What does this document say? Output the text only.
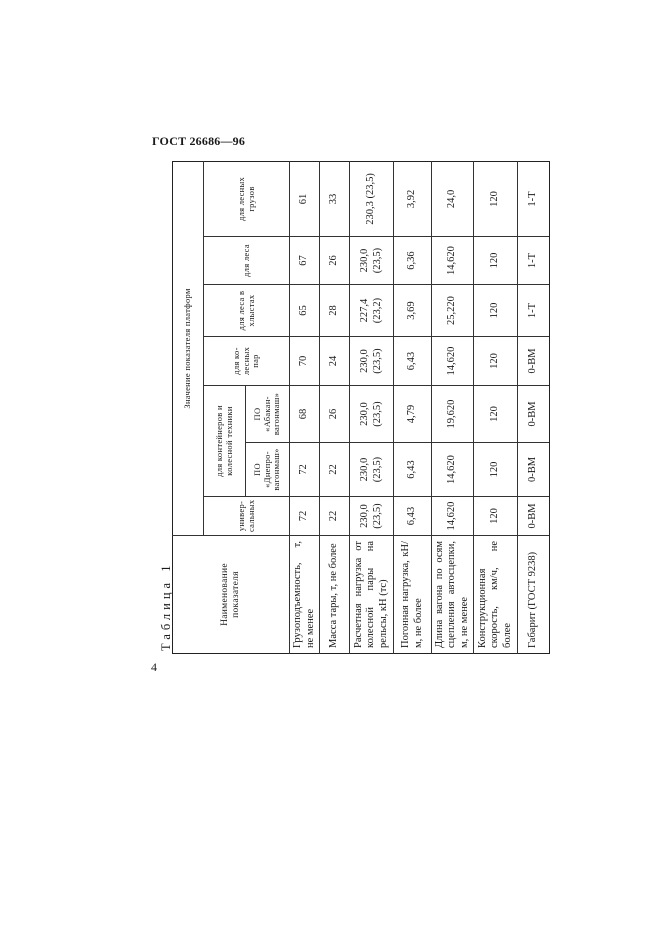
ГОСТ 26686—96
Таблица 1	Наименование показателя	Значение показателя платформ						
	универ-сальных	для контейнеров и колесной техники		для ко-лесных пар	для леса в хлыстах	для леса	для лесных грузов
		ПО «Днепро-вагонмаш»	ПО «Абакан-вагонмаш»				
Грузоподъемность, т, не менее	72	72	68	70	65	67	61
Масса тары, т, не более	22	22	26	24	28	26	33
Расчетная нагрузка от колесной пары на рельсы, кН (тс)	230,0 (23,5)	230,0 (23,5)	230,0 (23,5)	230,0 (23,5)	227,4 (23,2)	230,0 (23,5)	230,3 (23,5)
Погонная нагрузка, кН/м, не более	6,43	6,43	4,79	6,43	3,69	6,36	3,92
Длина вагона по осям сцепления автосцепки, м, не менее	14,620	14,620	19,620	14,620	25,220	14,620	24,0
Конструкционная скорость, км/ч, не более	120	120	120	120	120	120	120
Габарит (ГОСТ 9238)	0-ВМ	0-ВМ	0-ВМ	0-ВМ	1-Т	1-Т	1-Т
4
